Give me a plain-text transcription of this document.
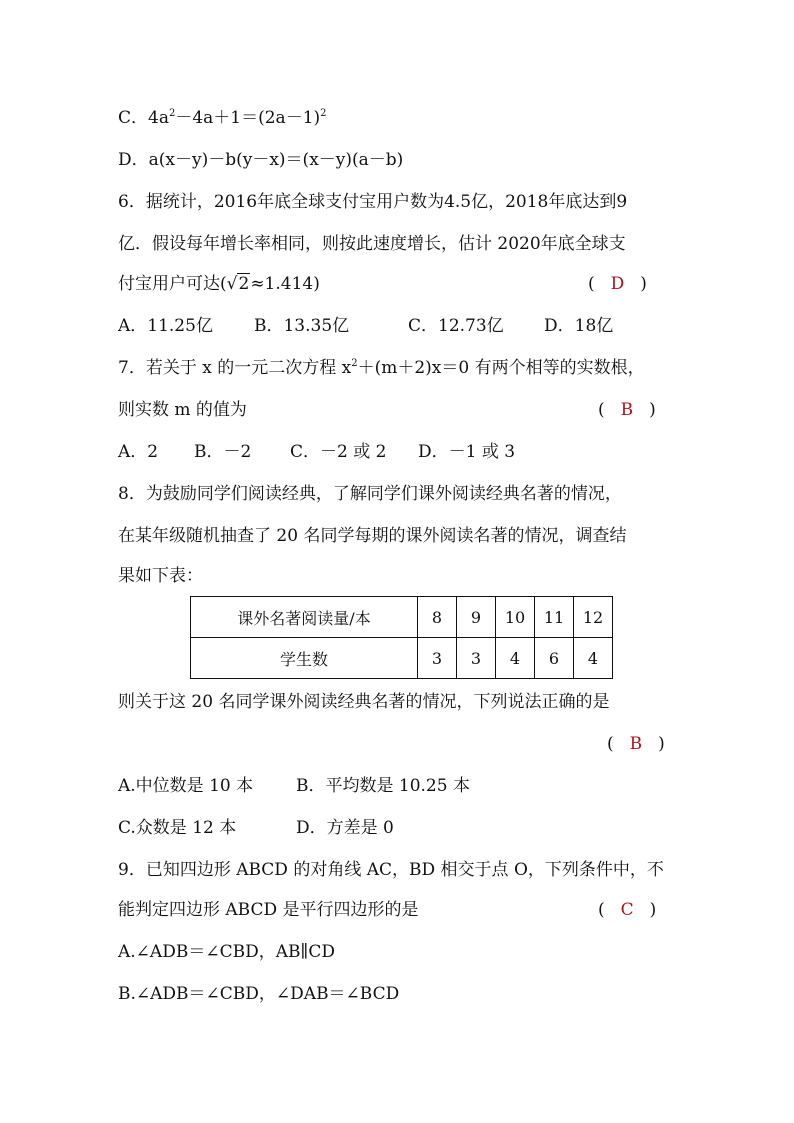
C．$4a^2-4a+1=(2a-1)^2$
D．a(x－y)－b(y－x)＝(x－y)(a－b)
6．据统计，2016年底全球支付宝用户数为4.5亿，2018年底达到9
亿．假设每年增长率相同，则按此速度增长，估计 2020年底全球支
付宝用户可达(√2≈1.414)	( D )
A．11.25亿 B．13.35亿	C．12.73亿 D．18亿
7．若关于 x 的一元二次方程 $x^2+(m+2)x=0$ 有两个相等的实数根，
则实数 m 的值为	( B )
A．2 B．－2 C．－2 或 2 D．－1 或 3
8．为鼓励同学们阅读经典，了解同学们课外阅读经典名著的情况，
在某年级随机抽查了 20 名同学每期的课外阅读名著的情况，调查结
果如下表：
课外名著阅读量/本	8	9	10	11	12
学生数	3	3	4	6	4
则关于这 20 名同学课外阅读经典名著的情况，下列说法正确的是
( B )
A.中位数是 10 本	B．平均数是 10.25 本
C.众数是 12 本	D．方差是 0
9．已知四边形 ABCD 的对角线 AC，BD 相交于点 O，下列条件中，不
能判定四边形 ABCD 是平行四边形的是	( C )
A.∠ADB＝∠CBD，AB∥CD
B.∠ADB＝∠CBD，∠DAB＝∠BCD
